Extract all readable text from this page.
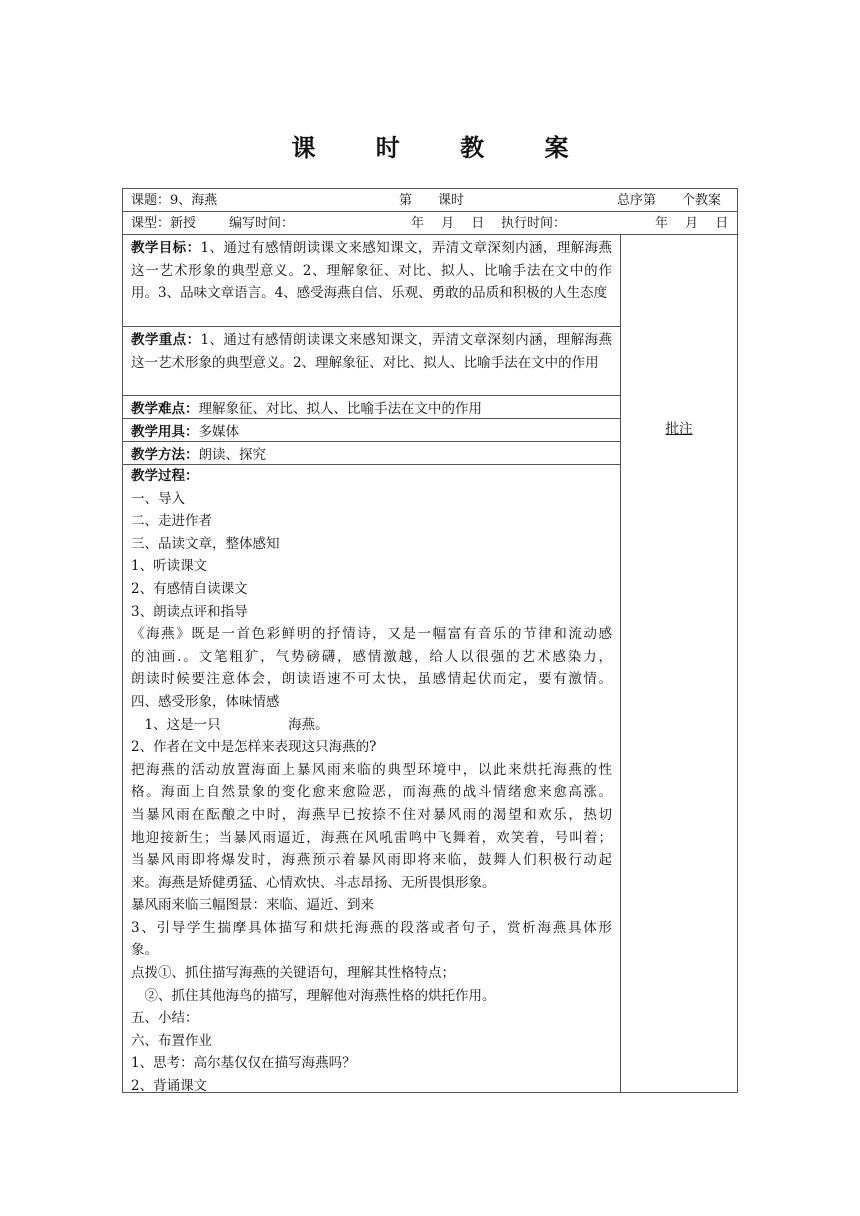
课 时 教 案
课题：9、海燕	第　　课时	总序第　　个教案
课型：新授	编写时间：	年　 月　 日 执行时间：	年　 月　 日
教学目标：1、通过有感情朗读课文来感知课文，弄清文章深刻内涵，理解海燕这一艺术形象的典型意义。2、理解象征、对比、拟人、比喻手法在文中的作用。3、品味文章语言。4、感受海燕自信、乐观、勇敢的品质和积极的人生态度
教学重点：1、通过有感情朗读课文来感知课文，弄清文章深刻内涵，理解海燕这一艺术形象的典型意义。2、理解象征、对比、拟人、比喻手法在文中的作用
教学难点：理解象征、对比、拟人、比喻手法在文中的作用
教学用具：多媒体
教学方法：朗读、探究
教学过程：
一、导入
二、走进作者
三、品读文章，整体感知
1、听读课文
2、有感情自读课文
3、朗读点评和指导
《海燕》既是一首色彩鲜明的抒情诗，又是一幅富有音乐的节律和流动感
的油画.。文笔粗犷，气势磅礴，感情激越，给人以很强的艺术感染力，
朗读时候要注意体会，朗读语速不可太快，虽感情起伏而定，要有激情。
四、感受形象，体味情感
　1、这是一只　　　　　海燕。
2、作者在文中是怎样来表现这只海燕的?
把海燕的活动放置海面上暴风雨来临的典型环境中，以此来烘托海燕的性
格。海面上自然景象的变化愈来愈险恶，而海燕的战斗情绪愈来愈高涨。
当暴风雨在酝酿之中时，海燕早已按捺不住对暴风雨的渴望和欢乐，热切
地迎接新生；当暴风雨逼近，海燕在风吼雷鸣中飞舞着，欢笑着，号叫着；
当暴风雨即将爆发时，海燕预示着暴风雨即将来临，鼓舞人们积极行动起
来。海燕是矫健勇猛、心情欢快、斗志昂扬、无所畏惧形象。
暴风雨来临三幅图景：来临、逼近、到来
3、引导学生揣摩具体描写和烘托海燕的段落或者句子，赏析海燕具体形
象。
点拨①、抓住描写海燕的关键语句，理解其性格特点；
　②、抓住其他海鸟的描写，理解他对海燕性格的烘托作用。
五、小结：
六、布置作业
1、思考：高尔基仅仅在描写海燕吗？
2、背诵课文
批注
